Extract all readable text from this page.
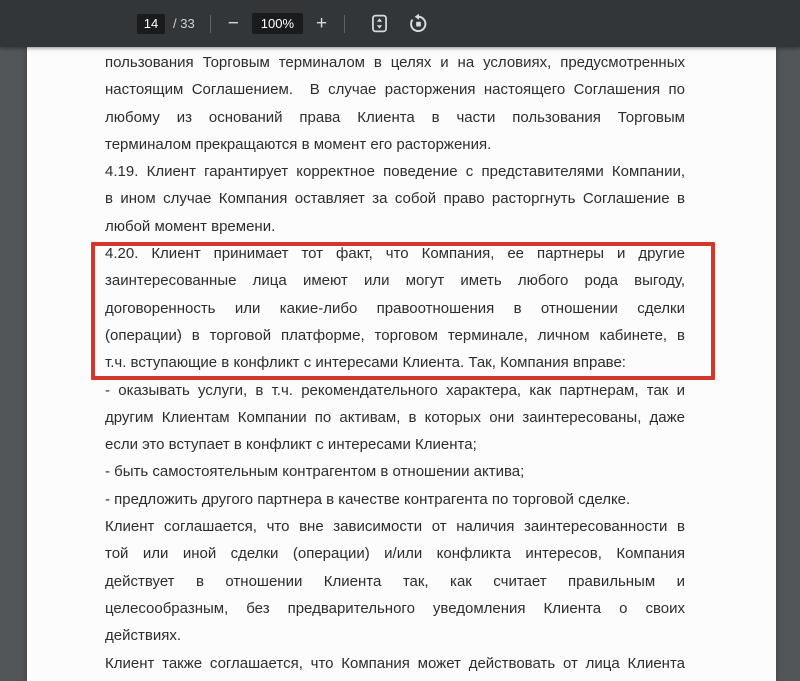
14
/ 33 −	100%	+
пользования Торговым терминалом в целях и на условиях, предусмотренных
настоящим Соглашением.  В случае расторжения настоящего Соглашения по
любому из оснований права Клиента в части пользования Торговым
терминалом прекращаются в момент его расторжения.
4.19. Клиент гарантирует корректное поведение с представителями Компании,
в ином случае Компания оставляет за собой право расторгнуть Соглашение в
любой момент времени.
4.20. Клиент принимает тот факт, что Компания, ее партнеры и другие
заинтересованные лица имеют или могут иметь любого рода выгоду,
договоренность или какие-либо правоотношения в отношении сделки
(операции) в торговой платформе, торговом терминале, личном кабинете, в
т.ч. вступающие в конфликт с интересами Клиента. Так, Компания вправе:
- оказывать услуги, в т.ч. рекомендательного характера, как партнерам, так и
другим Клиентам Компании по активам, в которых они заинтересованы, даже
если это вступает в конфликт с интересами Клиента;
- быть самостоятельным контрагентом в отношении актива;
- предложить другого партнера в качестве контрагента по торговой сделке.
Клиент соглашается, что вне зависимости от наличия заинтересованности в
той или иной сделки (операции) и/или конфликта интересов, Компания
действует в отношении Клиента так, как считает правильным и
целесообразным, без предварительного уведомления Клиента о своих
действиях.
Клиент также соглашается, что Компания может действовать от лица Клиента
